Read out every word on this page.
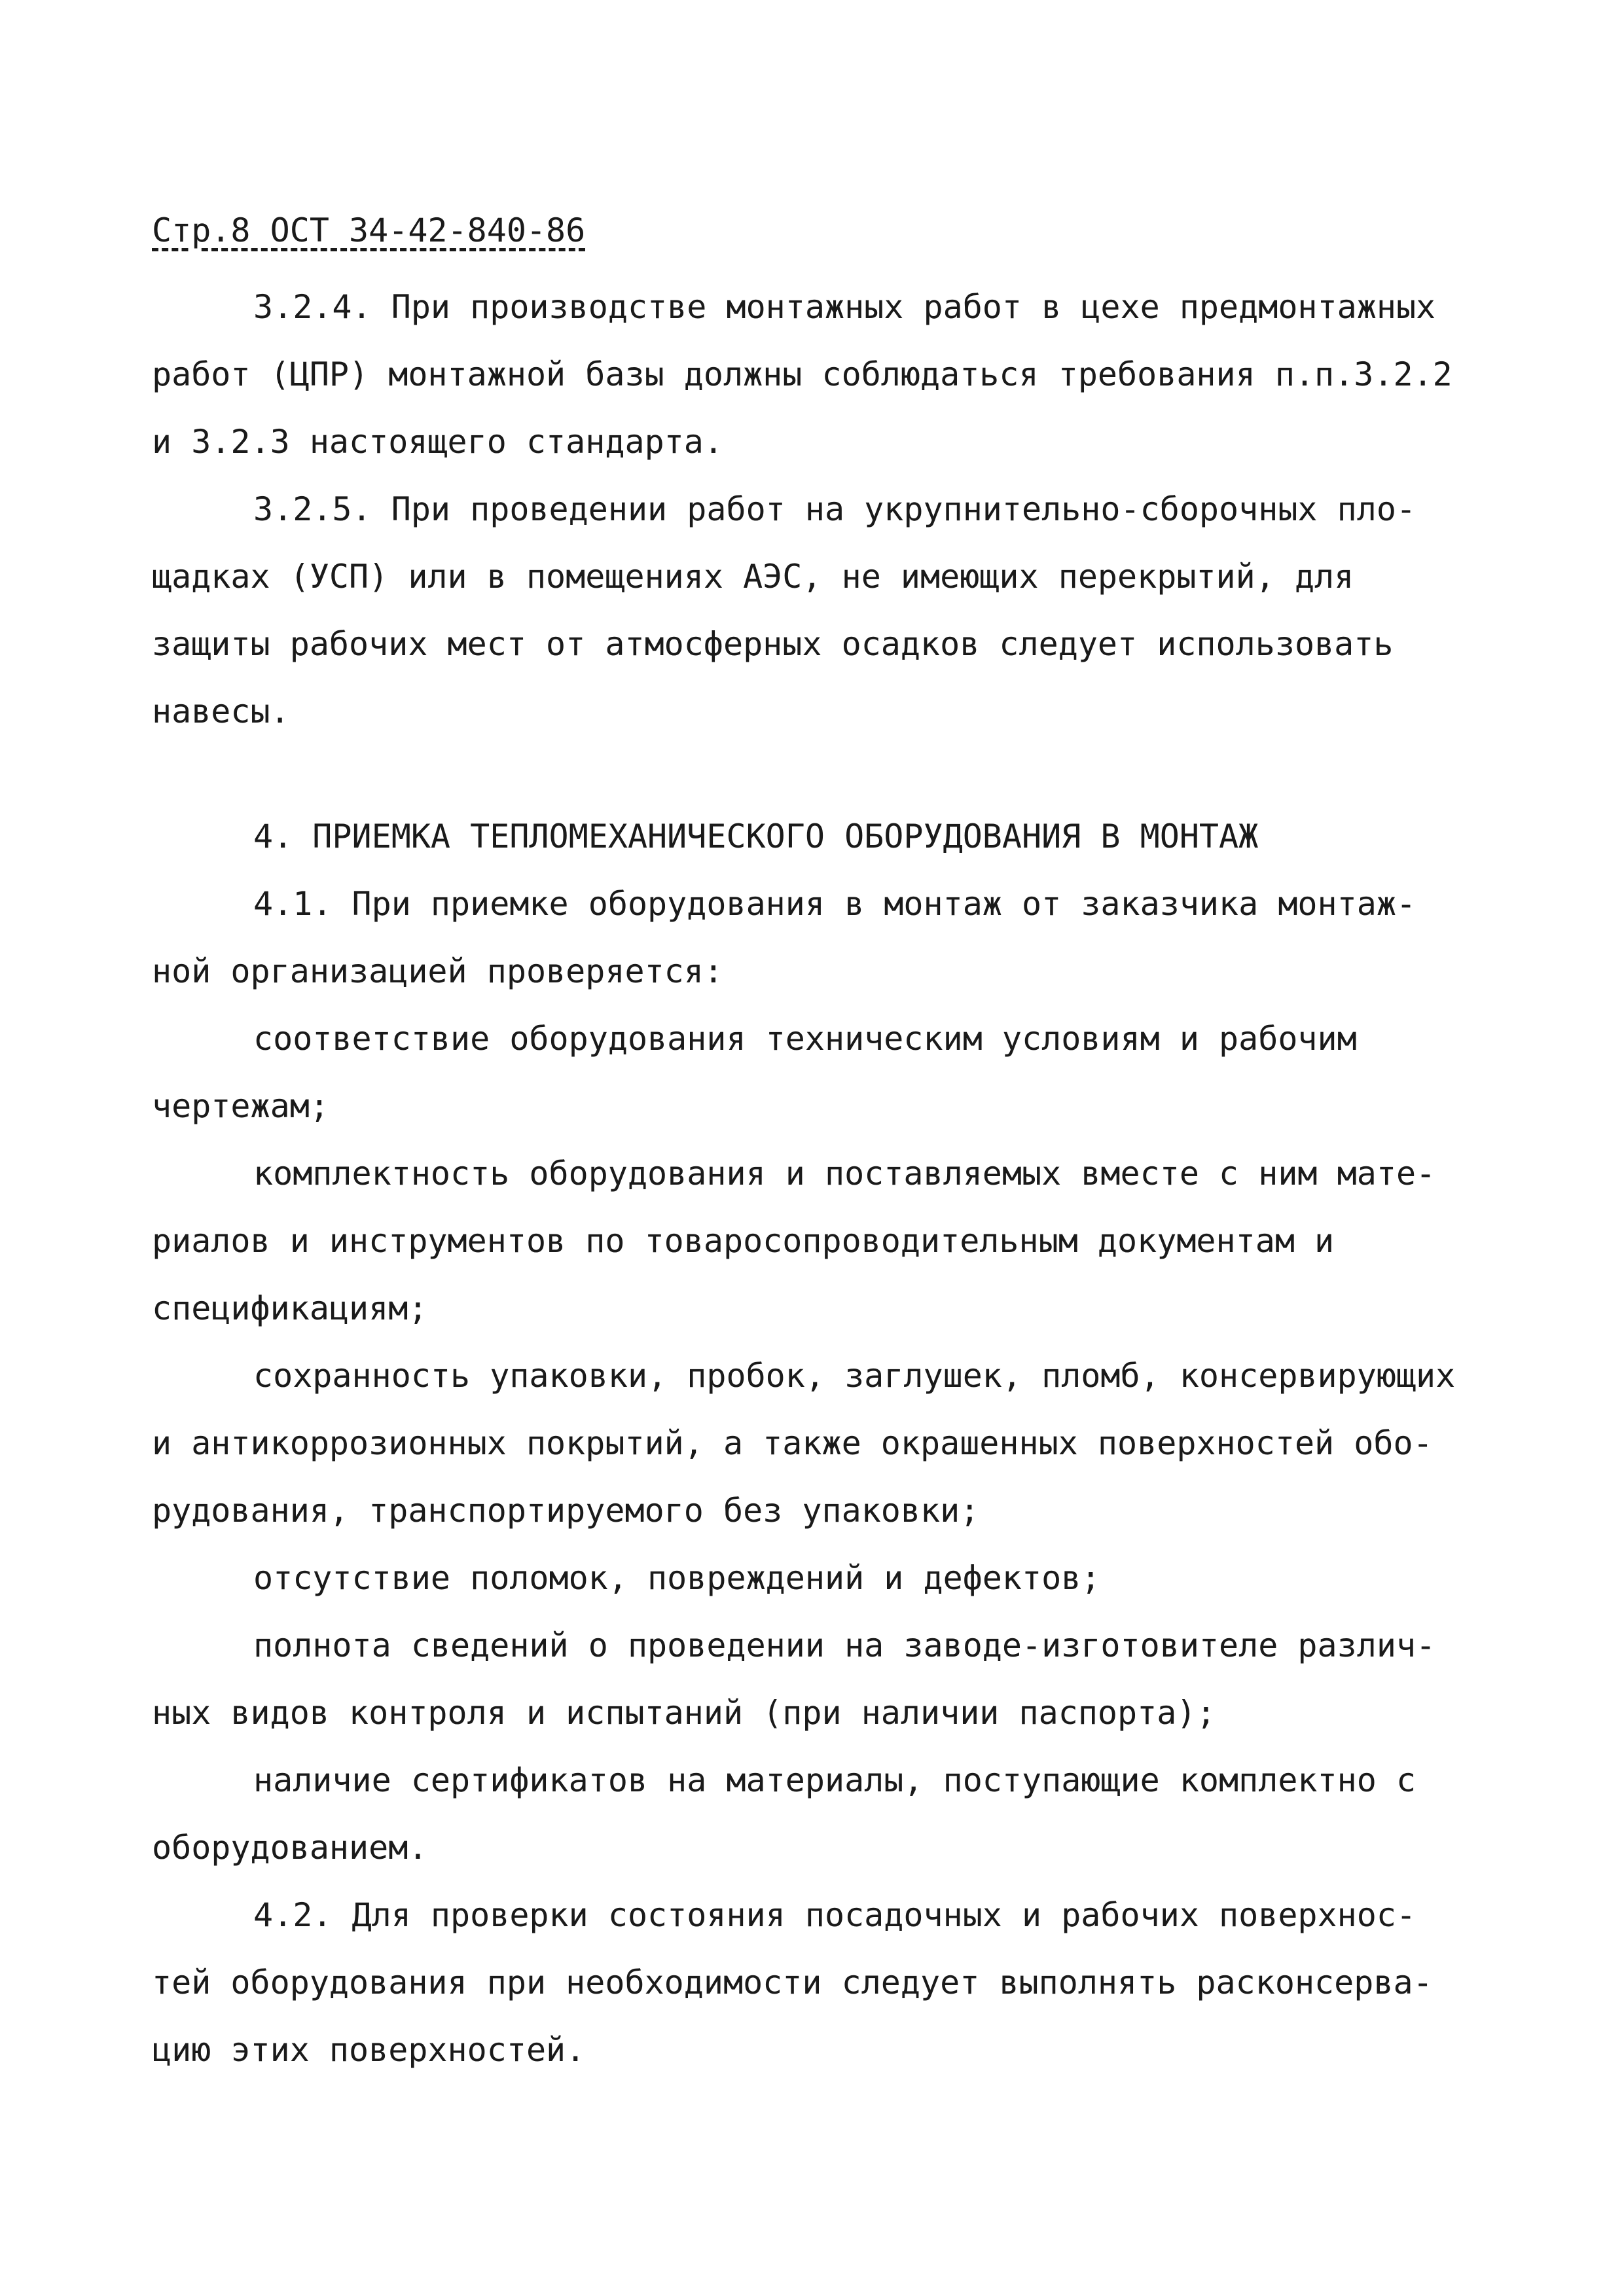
Стр.8 ОСТ 34-42-840-86
3.2.4. При производстве монтажных работ в цехе предмонтажных
работ (ЦПР) монтажной базы должны соблюдаться требования п.п.3.2.2
и 3.2.3 настоящего стандарта.
3.2.5. При проведении работ на укрупнительно-сборочных пло-
щадках (УСП) или в помещениях АЭС, не имеющих перекрытий, для
защиты рабочих мест от атмосферных осадков следует использовать
навесы.
4. ПРИЕМКА ТЕПЛОМЕХАНИЧЕСКОГО ОБОРУДОВАНИЯ В МОНТАЖ
4.1. При приемке оборудования в монтаж от заказчика монтаж-
ной организацией проверяется:
соответствие оборудования техническим условиям и рабочим
чертежам;
комплектность оборудования и поставляемых вместе с ним мате-
риалов и инструментов по товаросопроводительным документам и
спецификациям;
сохранность упаковки, пробок, заглушек, пломб, консервирующих
и антикоррозионных покрытий, а также окрашенных поверхностей обо-
рудования, транспортируемого без упаковки;
отсутствие поломок, повреждений и дефектов;
полнота сведений о проведении на заводе-изготовителе различ-
ных видов контроля и испытаний (при наличии паспорта);
наличие сертификатов на материалы, поступающие комплектно с
оборудованием.
4.2. Для проверки состояния посадочных и рабочих поверхнос-
тей оборудования при необходимости следует выполнять расконсерва-
цию этих поверхностей.
